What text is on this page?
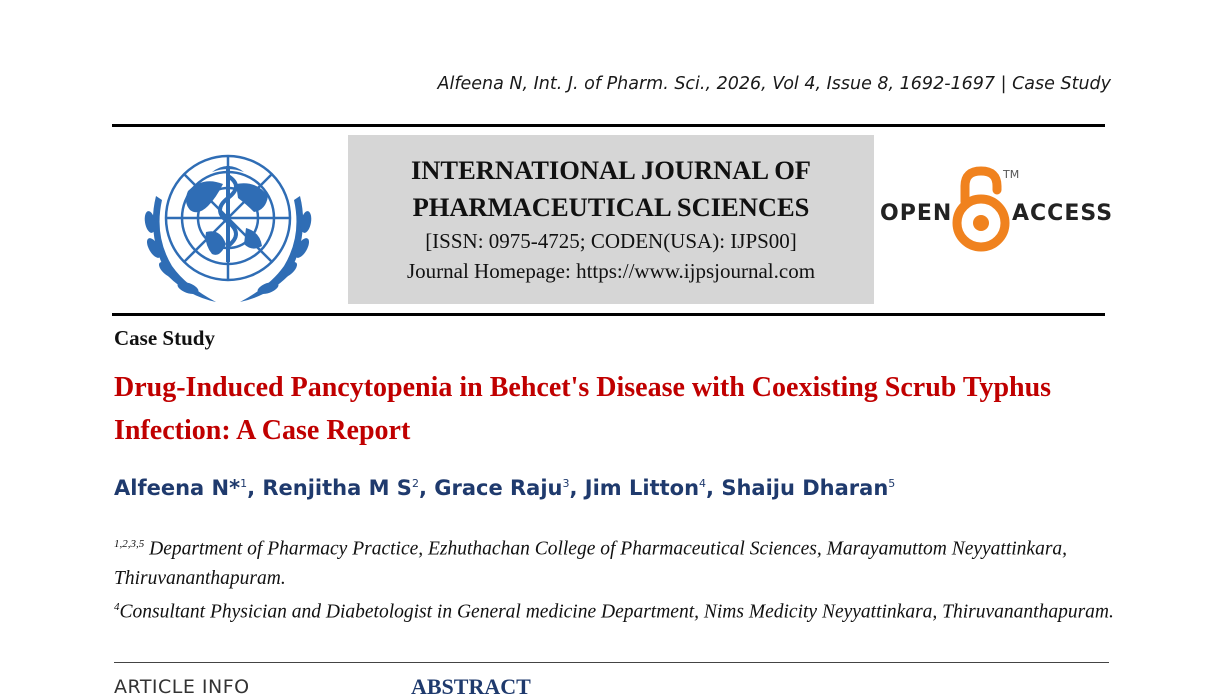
Alfeena N, Int. J. of Pharm. Sci., 2026, Vol 4, Issue 8, 1692-1697 | Case Study
INTERNATIONAL JOURNAL OF
PHARMACEUTICAL SCIENCES
[ISSN: 0975-4725; CODEN(USA): IJPS00]
Journal Homepage: https://www.ijpsjournal.com
OPEN
TM
ACCESS
Case Study
Drug-Induced Pancytopenia in Behcet's Disease with Coexisting Scrub Typhus Infection: A Case Report
Alfeena N*$^1$, Renjitha M $S^2$, Grace Raju$^3$, Jim Litton$^4$, Shaiju Dharan$^5$
$^{1,2,3,5}$ Department of Pharmacy Practice, Ezhuthachan College of Pharmaceutical Sciences, Marayamuttom Neyyattinkara, Thiruvananthapuram.
$^4$Consultant Physician and Diabetologist in General medicine Department, Nims Medicity Neyyattinkara, Thiruvananthapuram.
ARTICLE INFO	ABSTRACT
